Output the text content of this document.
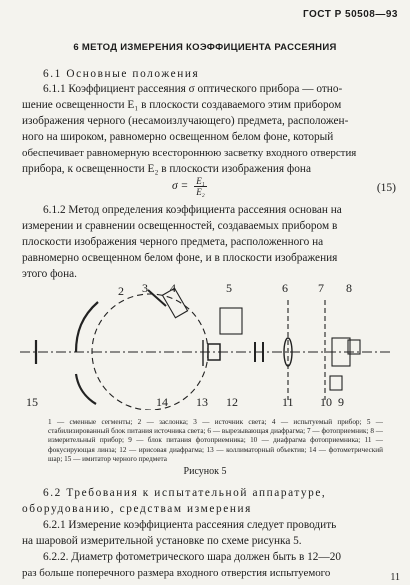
ГОСТ Р 50508—93
6 МЕТОД ИЗМЕРЕНИЯ КОЭФФИЦИЕНТА РАССЕЯНИЯ
6.1 Основные положения
6.1.1 Коэффициент рассеяния σ оптического прибора — отно-
шение освещенности E₁ в плоскости создаваемого этим прибором
изображения черного (несамоизлучающего) предмета, расположен-
ного на широком, равномерно освещенном белом фоне, который
обеспечивает равномерную всестороннюю засветку входного отверстия
прибора, к освещенности E₂ в плоскости изображения фона
$\sigma = \frac{\text{E₁}}{\text{E₂}}$	(15)
6.1.2 Метод определения коэффициента рассеяния основан на
измерении и сравнении освещенностей, создаваемых прибором в
плоскости изображения черного предмета, расположенного на
равномерно освещенном белом фоне, и в плоскости изображения
этого фона.
2 3 4	5	6	7 8
9
15	14 13 12	11 10
1 — сменные сегменты; 2 — заслонка; 3 — источник света; 4 — испытуемый прибор; 5 — стабилизированный блок питания источника света; 6 — вырезывающая диафрагма; 7 — фотоприемник; 8 — измерительный прибор; 9 — блок питания фотоприемника; 10 — диафрагма фотоприемника; 11 — фокусирующая линза; 12 — ирисовая диафрагма; 13 — коллиматорный объектив; 14 — фотометрический шар; 15 — имитатор черного предмета
Рисунок 5
6.2 Требования к испытательной аппаратуре,
оборудованию, средствам измерения
6.2.1 Измерение коэффициента рассеяния следует проводить
на шаровой измерительной установке по схеме рисунка 5.
6.2.2. Диаметр фотометрического шара должен быть в 12—20
раз больше поперечного размера входного отверстия испытуемого	11
